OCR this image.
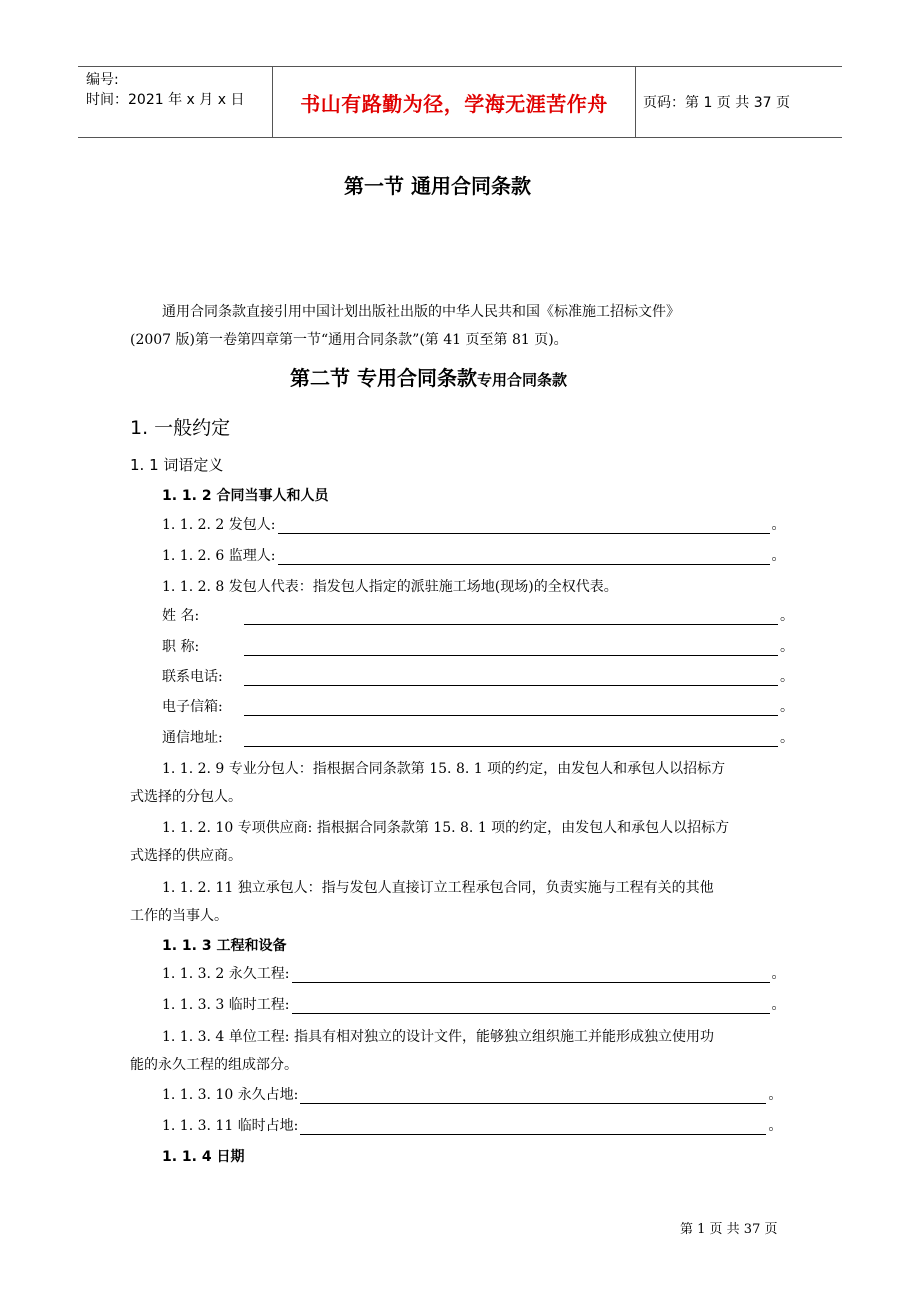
编号:
时间：2021 年 x 月 x 日	书山有路勤为径，学海无涯苦作舟	页码：第 1 页 共 37 页
第一节 通用合同条款
通用合同条款直接引用中国计划出版社出版的中华人民共和国《标准施工招标文件》
(2007 版)第一卷第四章第一节“通用合同条款”(第 41 页至第 81 页)。
第二节 专用合同条款专用合同条款
1. 一般约定
1. 1 词语定义
1. 1. 2 合同当事人和人员
1. 1. 2. 2 发包人:	。
1. 1. 2. 6 监理人:	。
1. 1. 2. 8 发包人代表：指发包人指定的派驻施工场地(现场)的全权代表。
姓 名:	。
职 称:	。
联系电话:	。
电子信箱:	。
通信地址:	。
1. 1. 2. 9 专业分包人：指根据合同条款第 15. 8. 1 项的约定，由发包人和承包人以招标方
式选择的分包人。
1. 1. 2. 10 专项供应商: 指根据合同条款第 15. 8. 1 项的约定，由发包人和承包人以招标方
式选择的供应商。
1. 1. 2. 11 独立承包人：指与发包人直接订立工程承包合同，负责实施与工程有关的其他
工作的当事人。
1. 1. 3 工程和设备
1. 1. 3. 2 永久工程:	。
1. 1. 3. 3 临时工程:	。
1. 1. 3. 4 单位工程: 指具有相对独立的设计文件，能够独立组织施工并能形成独立使用功
能的永久工程的组成部分。
1. 1. 3. 10 永久占地:	。
1. 1. 3. 11 临时占地:	。
1. 1. 4 日期
第 1 页 共 37 页
